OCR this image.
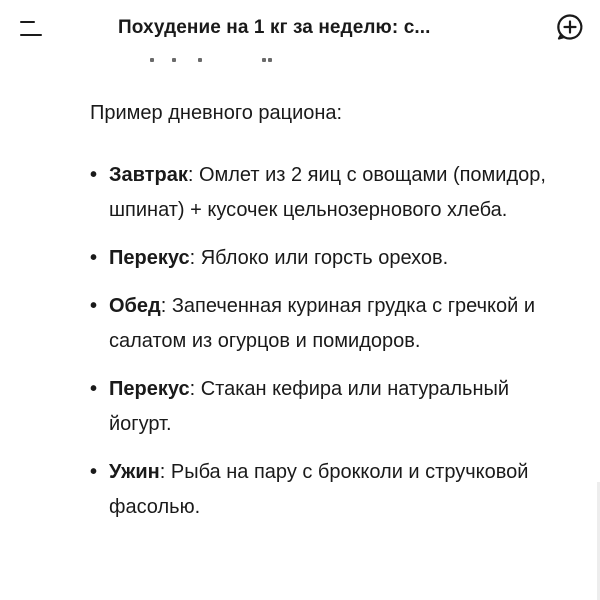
Похудение на 1 кг за неделю: с...

Пример дневного рациона:

• Завтрак: Омлет из 2 яиц с овощами (помидор, шпинат) + кусочек цельнозернового хлеба.
• Перекус: Яблоко или горсть орехов.
• Обед: Запеченная куриная грудка с гречкой и салатом из огурцов и помидоров.
• Перекус: Стакан кефира или натуральный йогурт.
• Ужин: Рыба на пару с брокколи и стручковой фасолью.
